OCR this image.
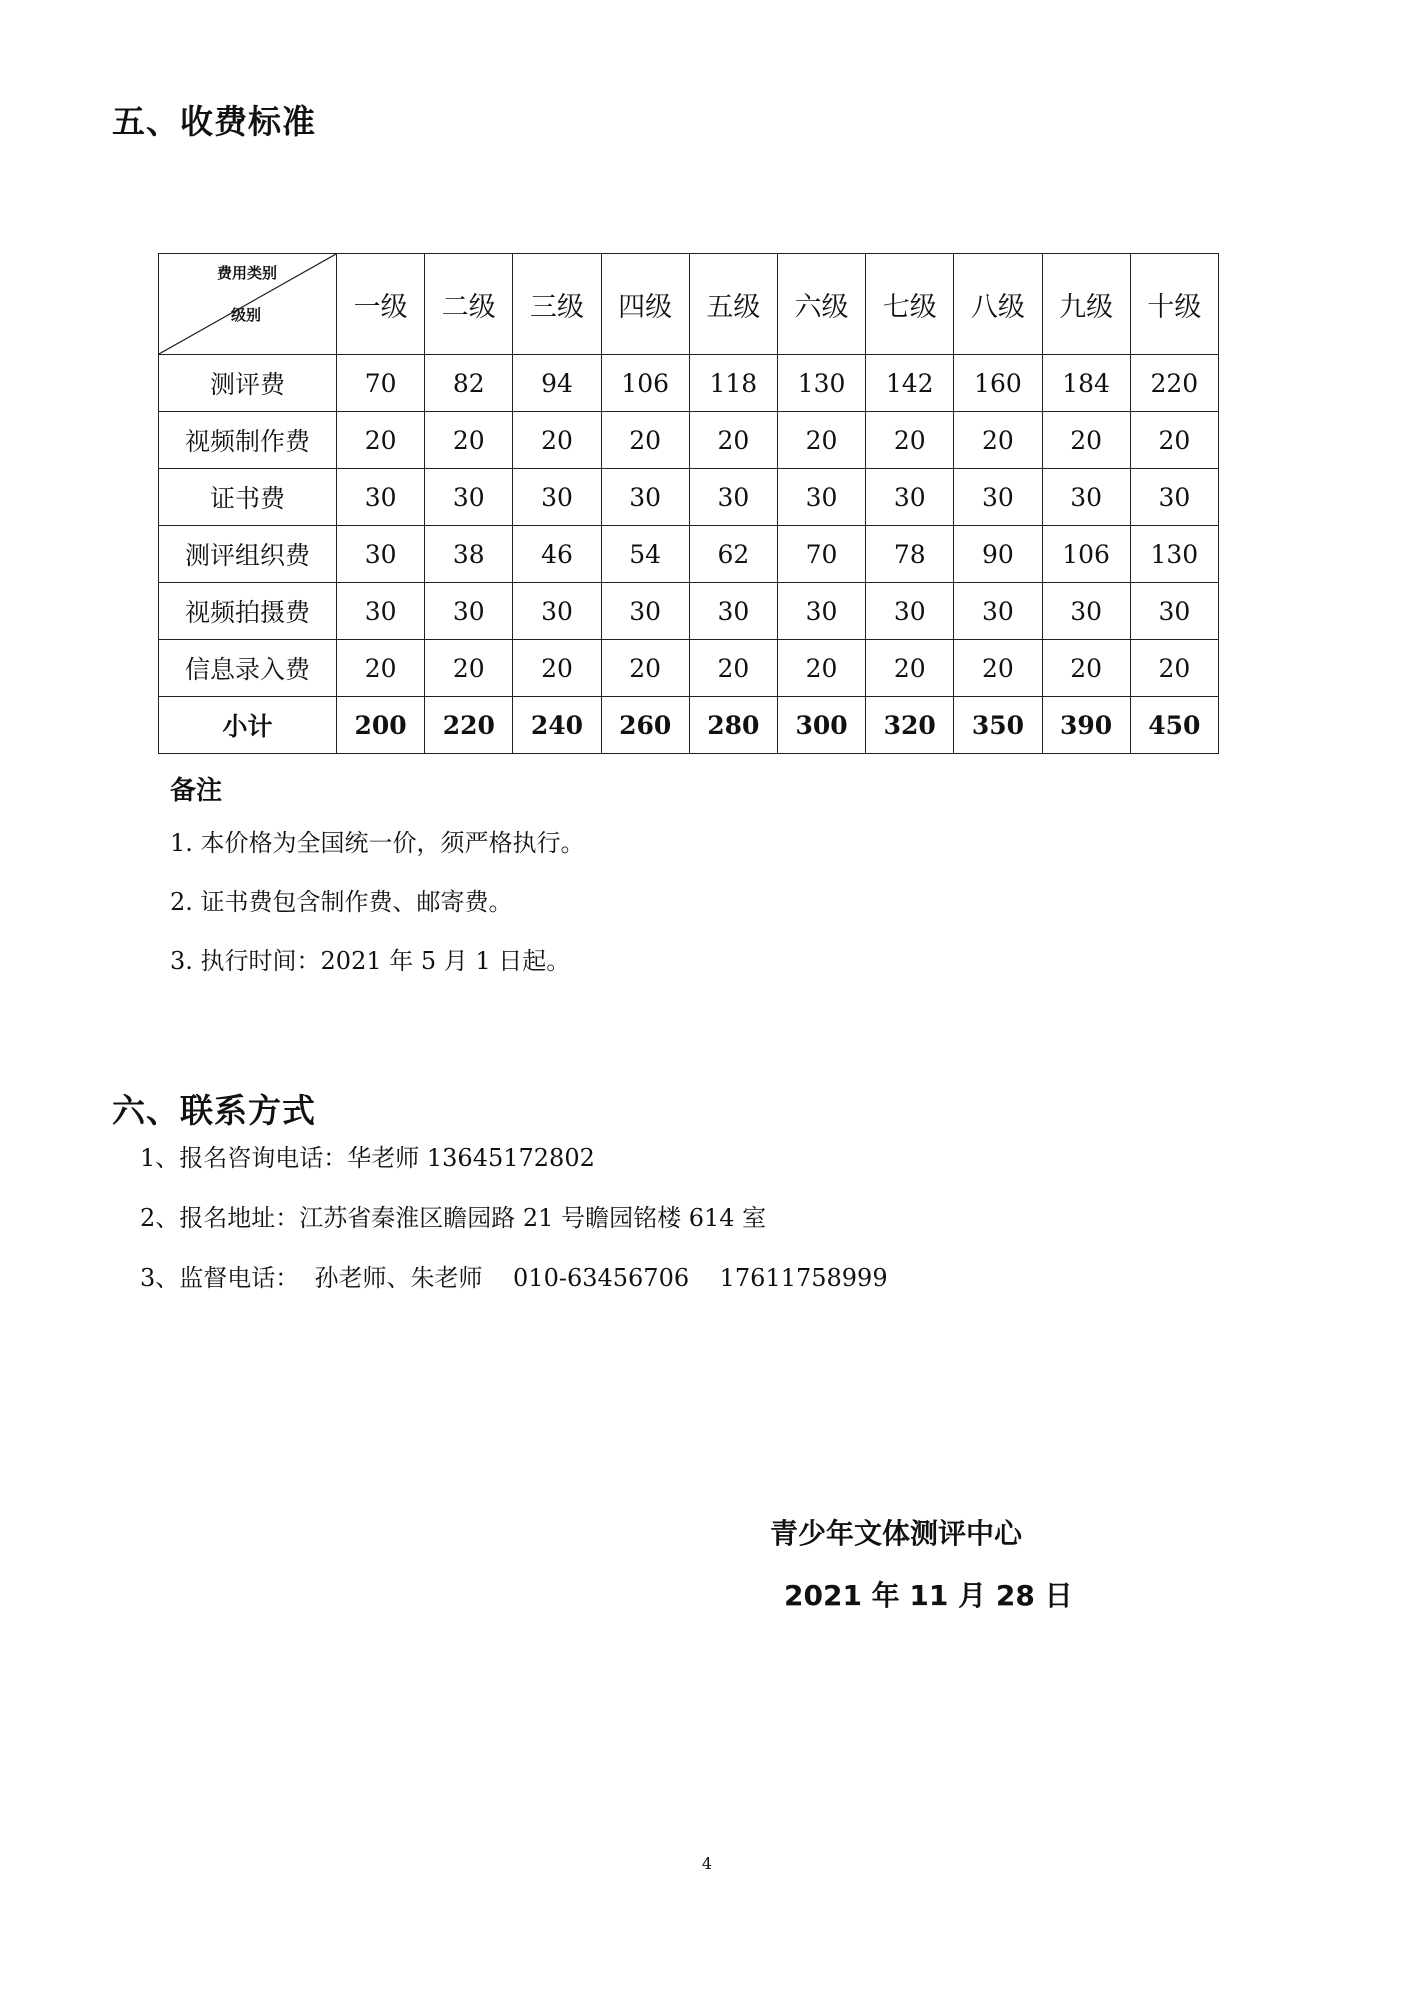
五、收费标准
费用类别
级别	一级	二级	三级	四级	五级	六级	七级	八级	九级	十级
测评费	70	82	94	106	118	130	142	160	184	220
视频制作费	20	20	20	20	20	20	20	20	20	20
证书费	30	30	30	30	30	30	30	30	30	30
测评组织费	30	38	46	54	62	70	78	90	106	130
视频拍摄费	30	30	30	30	30	30	30	30	30	30
信息录入费	20	20	20	20	20	20	20	20	20	20
小计	200	220	240	260	280	300	320	350	390	450

备注

1. 本价格为全国统一价，须严格执行。

2. 证书费包含制作费、邮寄费。

3. 执行时间：2021 年 5 月 1 日起。

六、联系方式

1、报名咨询电话：华老师 13645172802

2、报名地址：江苏省秦淮区瞻园路 21 号瞻园铭楼 614 室

3、监督电话：  孙老师、朱老师    010-63456706    17611758999

青少年文体测评中心

2021 年 11 月 28 日

4
